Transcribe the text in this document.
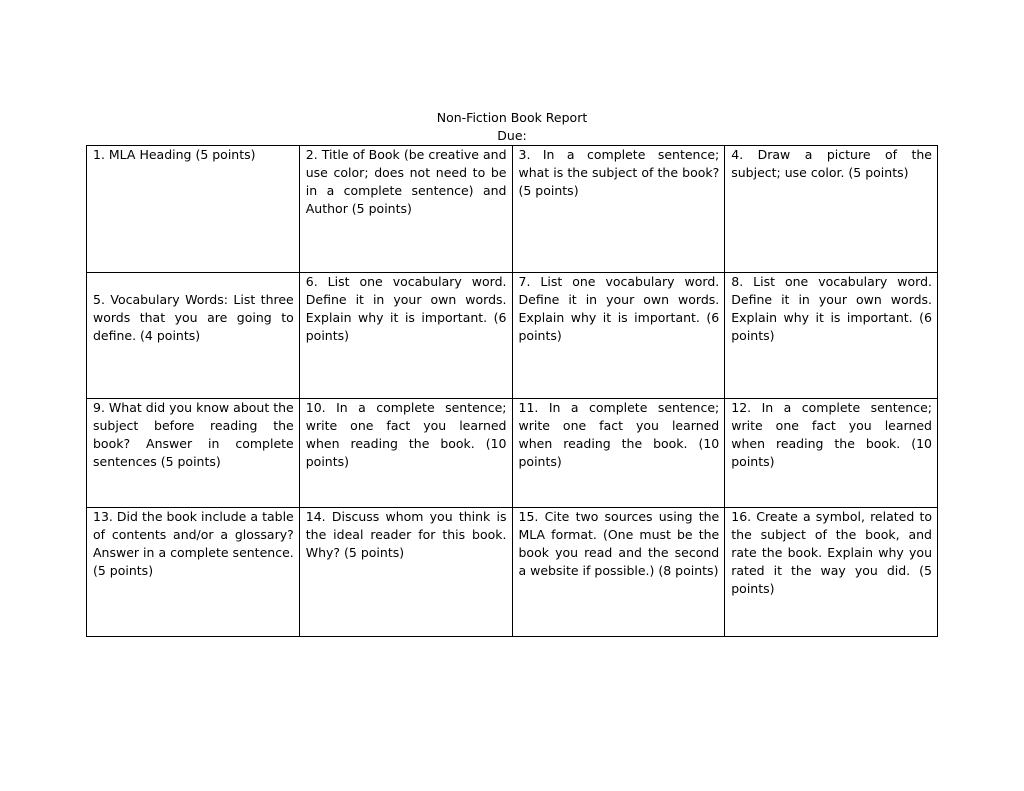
Non-Fiction Book Report
Due:
1. MLA Heading (5 points)	2. Title of Book (be creative and use color; does not need to be in a complete sentence) and Author (5 points)	3. In a complete sentence; what is the subject of the book? (5 points)	4. Draw a picture of the subject; use color. (5 points)

5. Vocabulary Words: List three words that you are going to define. (4 points)	6. List one vocabulary word. Define it in your own words. Explain why it is important. (6 points)	7. List one vocabulary word. Define it in your own words. Explain why it is important. (6 points)	8. List one vocabulary word. Define it in your own words. Explain why it is important. (6 points)

9. What did you know about the subject before reading the book? Answer in complete sentences (5 points)	10. In a complete sentence; write one fact you learned when reading the book. (10 points)	11. In a complete sentence; write one fact you learned when reading the book. (10 points)	12. In a complete sentence; write one fact you learned when reading the book. (10 points)

13. Did the book include a table of contents and/or a glossary? Answer in a complete sentence. (5 points)	14. Discuss whom you think is the ideal reader for this book. Why? (5 points)	15. Cite two sources using the MLA format. (One must be the book you read and the second a website if possible.) (8 points)	16. Create a symbol, related to the subject of the book, and rate the book. Explain why you rated it the way you did. (5 points)
